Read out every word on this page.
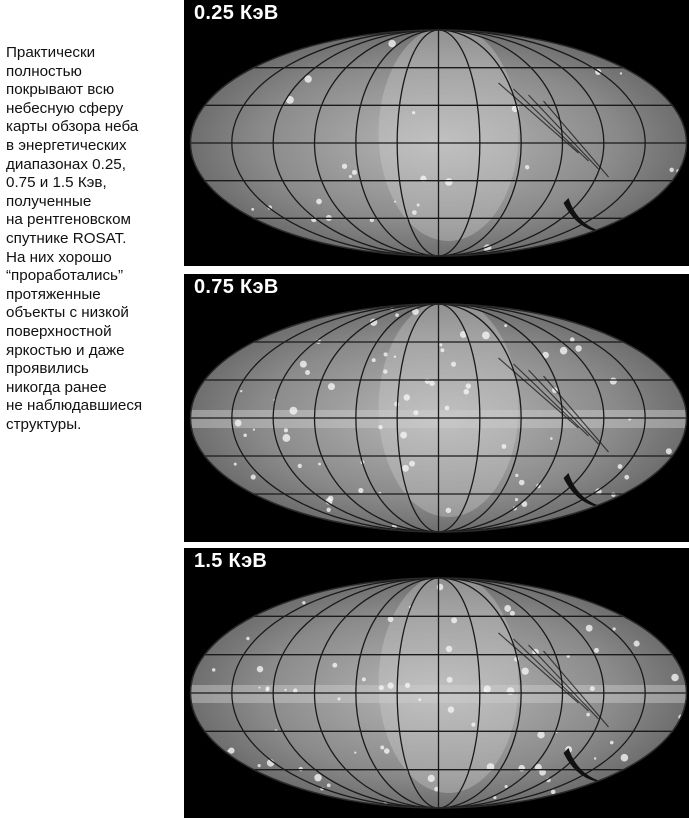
Практически
полностью
покрывают всю
небесную сферу
карты обзора неба
в энергетических
диапазонах 0.25,
0.75 и 1.5 Кэв,
полученные
на рентгеновском
спутнике ROSAT.
На них хорошо
“проработались”
протяженные
объекты с низкой
поверхностной
яркостью и даже
проявились
никогда ранее
не наблюдавшиеся
структуры.

0.25 КэВ
0.75 КэВ
1.5 КэВ
